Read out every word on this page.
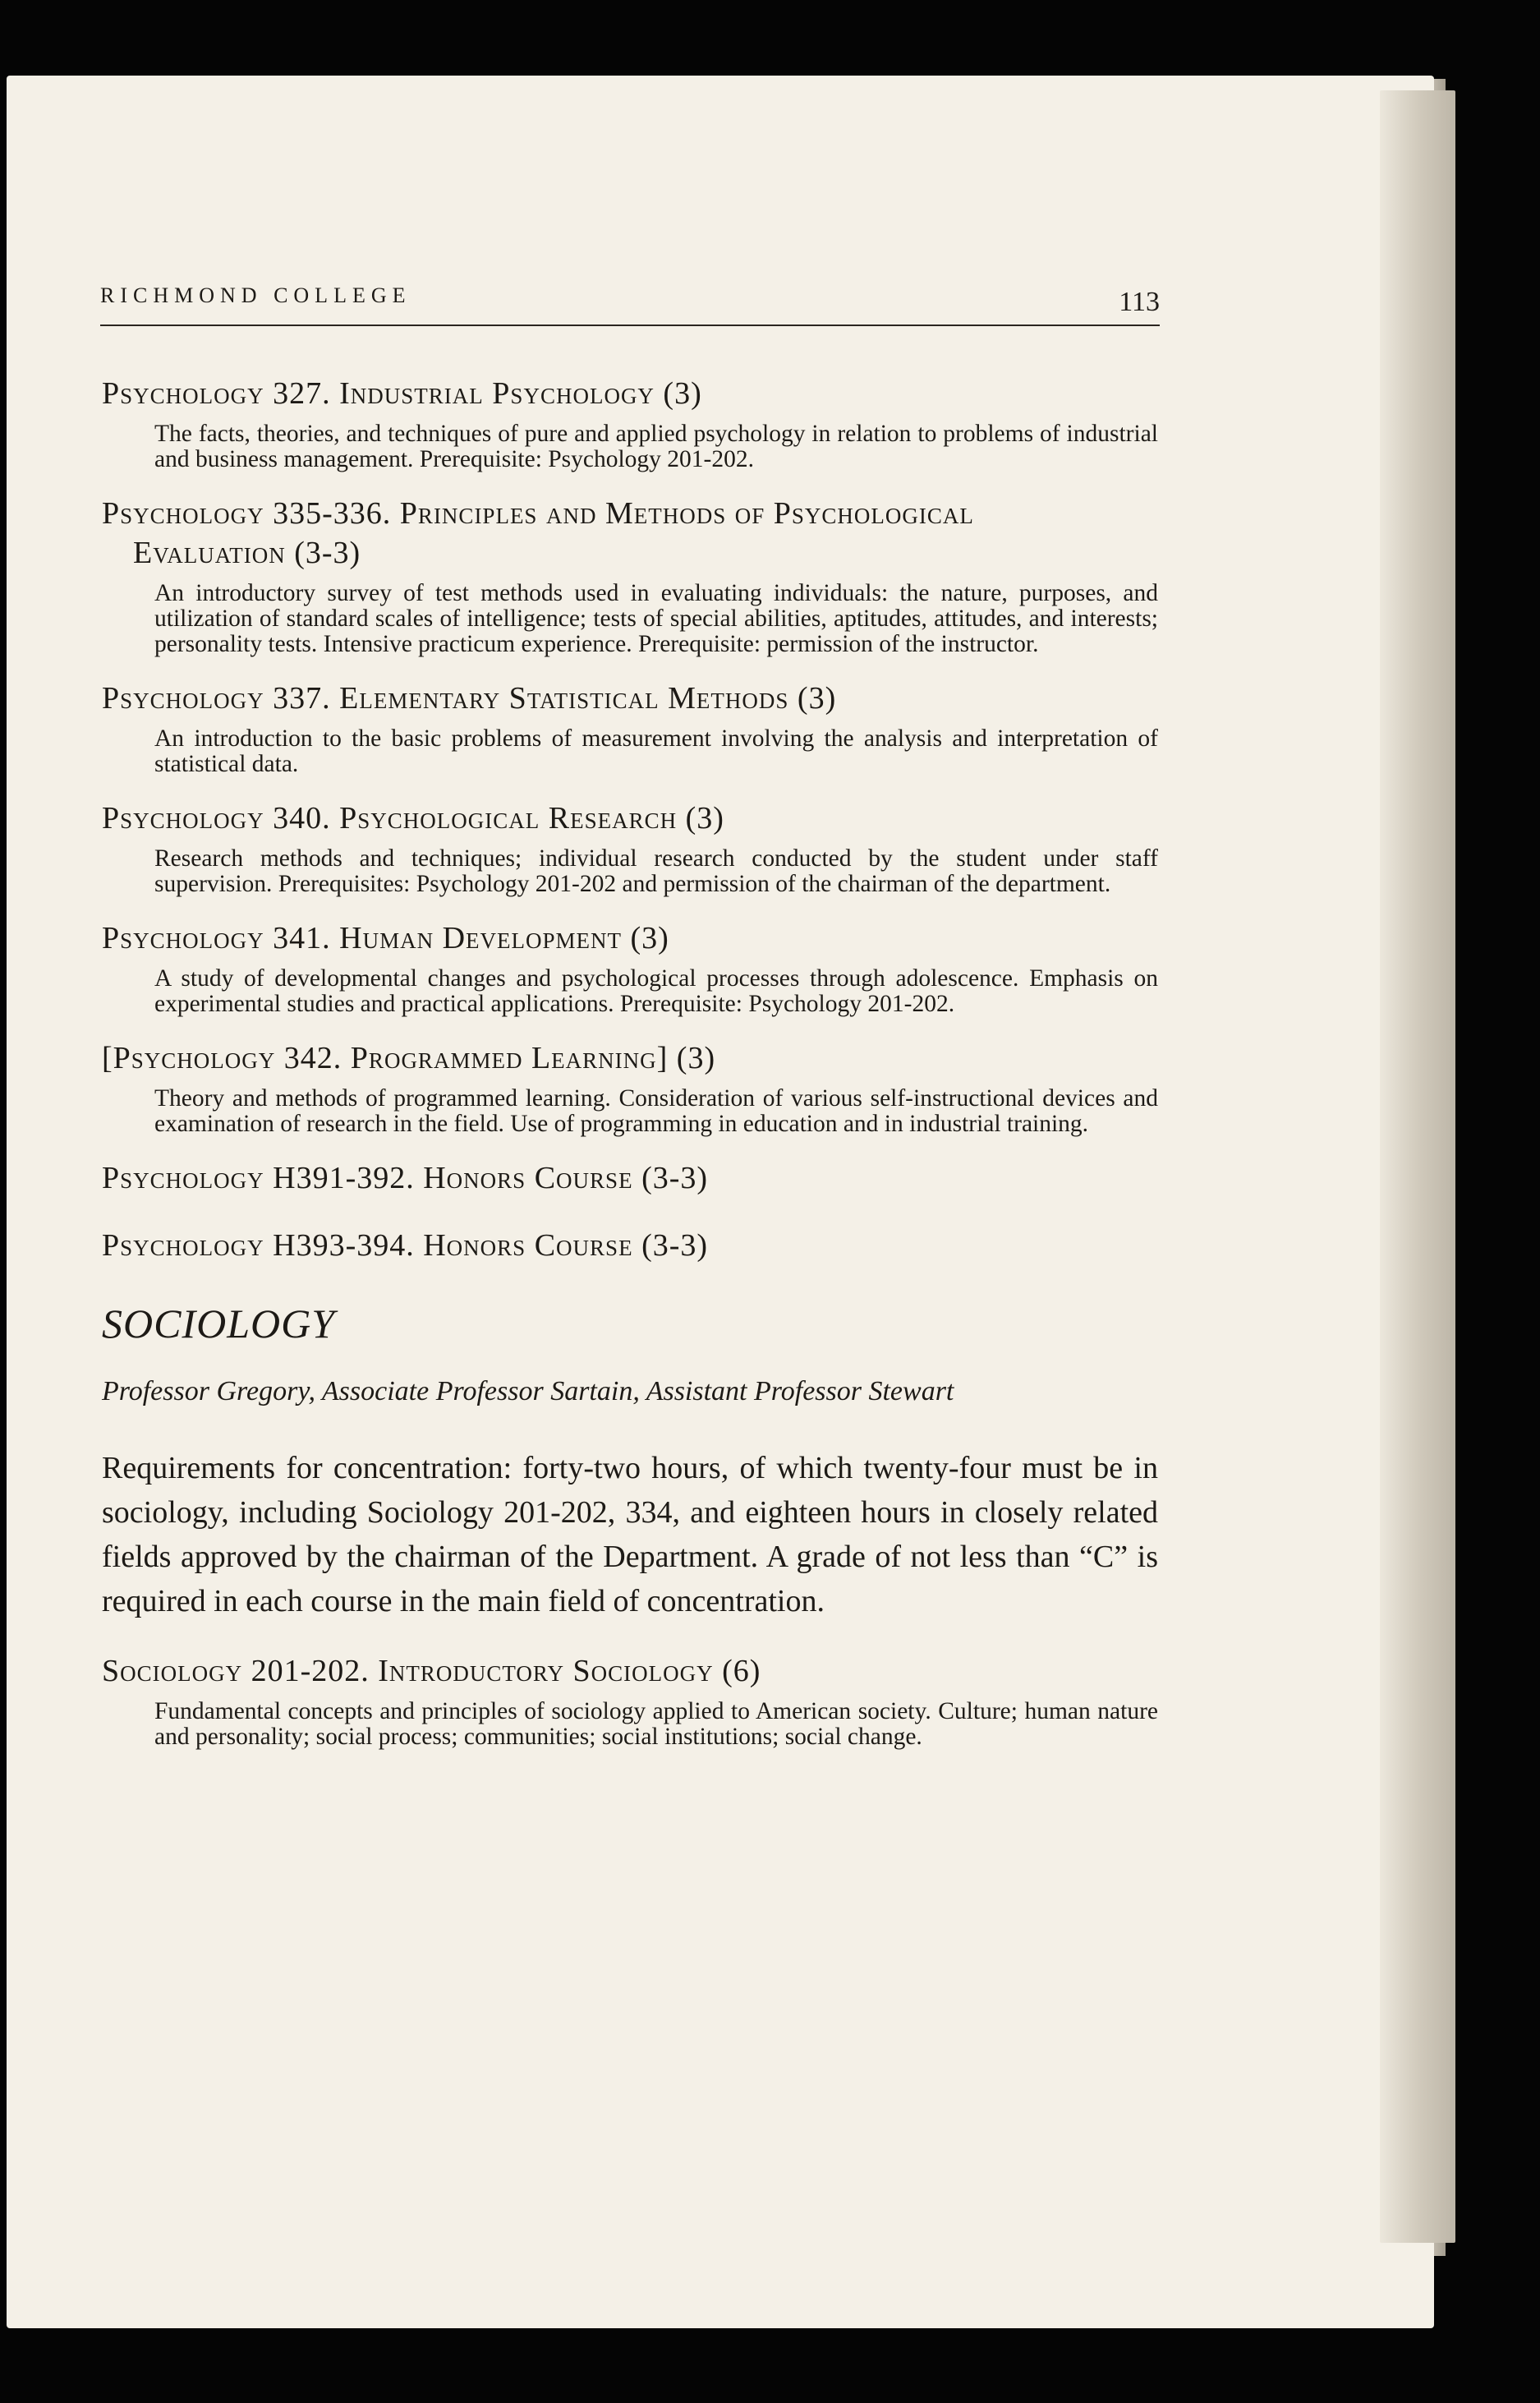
RICHMOND COLLEGE	113
Psychology 327. Industrial Psychology (3)
The facts, theories, and techniques of pure and applied psychology in relation to problems of industrial and business management. Prerequisite: Psychology 201-202.
Psychology 335-336. Principles and Methods of Psychological
Evaluation (3-3)
An introductory survey of test methods used in evaluating individuals: the nature, purposes, and utilization of standard scales of intelligence; tests of special abilities, aptitudes, attitudes, and interests; personality tests. Intensive practicum experience. Prerequisite: permission of the instructor.
Psychology 337. Elementary Statistical Methods (3)
An introduction to the basic problems of measurement involving the analysis and interpretation of statistical data.
Psychology 340. Psychological Research (3)
Research methods and techniques; individual research conducted by the student under staff supervision. Prerequisites: Psychology 201-202 and permission of the chairman of the department.
Psychology 341. Human Development (3)
A study of developmental changes and psychological processes through adolescence. Emphasis on experimental studies and practical applications. Prerequisite: Psychology 201-202.
[Psychology 342. Programmed Learning] (3)
Theory and methods of programmed learning. Consideration of various self-instructional devices and examination of research in the field. Use of programming in education and in industrial training.
Psychology H391-392. Honors Course (3-3)
Psychology H393-394. Honors Course (3-3)
SOCIOLOGY
Professor Gregory, Associate Professor Sartain, Assistant Professor Stewart
Requirements for concentration: forty-two hours, of which twenty-four must be in sociology, including Sociology 201-202, 334, and eighteen hours in closely related fields approved by the chairman of the Department. A grade of not less than “C” is required in each course in the main field of concentration.
Sociology 201-202. Introductory Sociology (6)
Fundamental concepts and principles of sociology applied to American society. Culture; human nature and personality; social process; communities; social institutions; social change.
